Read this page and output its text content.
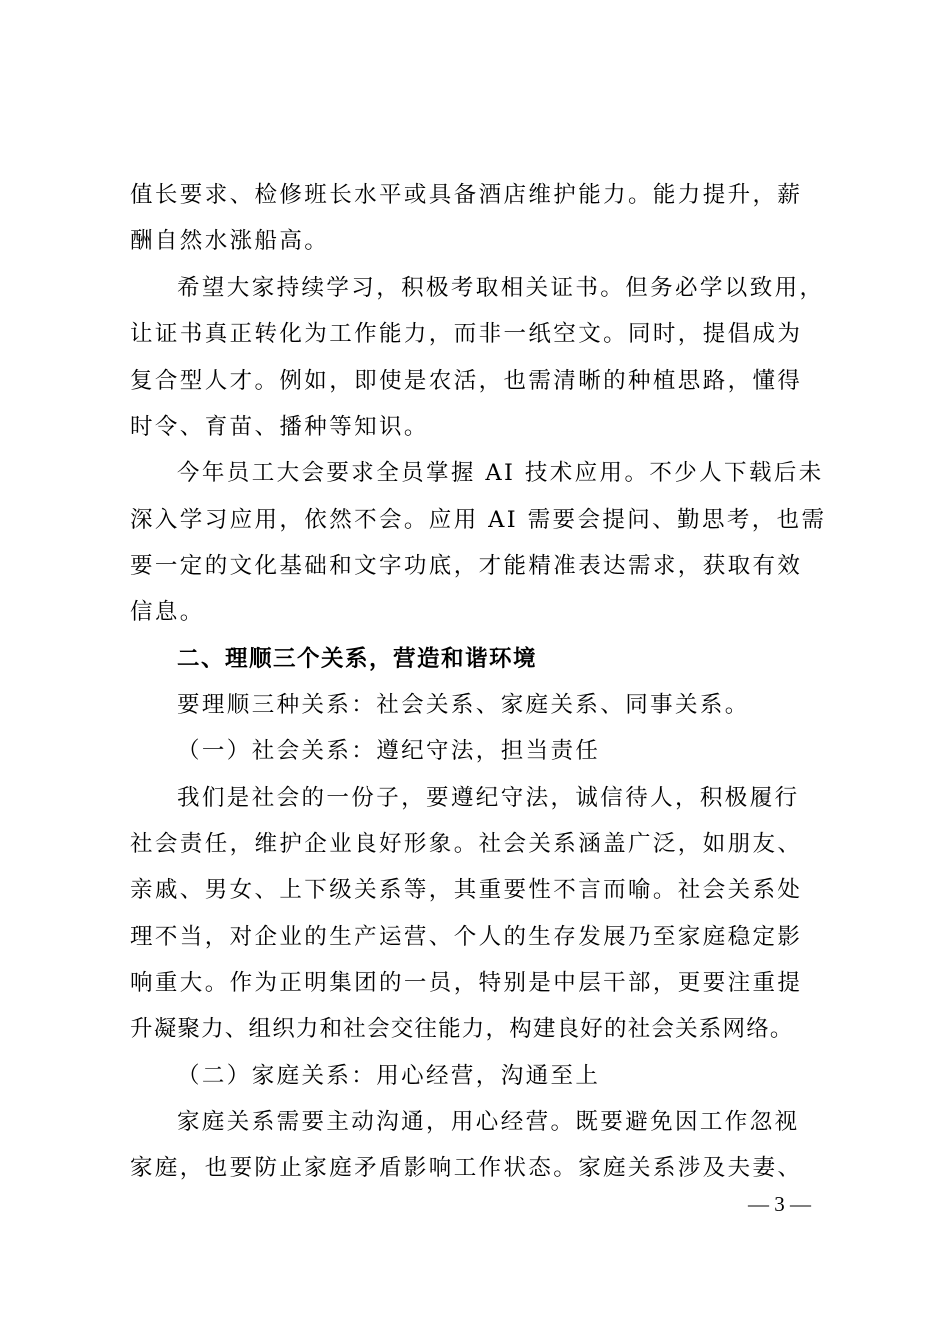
值长要求、检修班长水平或具备酒店维护能力。能力提升，薪
酬自然水涨船高。
希望大家持续学习，积极考取相关证书。但务必学以致用，
让证书真正转化为工作能力，而非一纸空文。同时，提倡成为
复合型人才。例如，即使是农活，也需清晰的种植思路，懂得
时令、育苗、播种等知识。
今年员工大会要求全员掌握 AI 技术应用。不少人下载后未
深入学习应用，依然不会。应用 AI 需要会提问、勤思考，也需
要一定的文化基础和文字功底，才能精准表达需求，获取有效
信息。
二、理顺三个关系，营造和谐环境
要理顺三种关系：社会关系、家庭关系、同事关系。
（一）社会关系：遵纪守法，担当责任
我们是社会的一份子，要遵纪守法，诚信待人，积极履行
社会责任，维护企业良好形象。社会关系涵盖广泛，如朋友、
亲戚、男女、上下级关系等，其重要性不言而喻。社会关系处
理不当，对企业的生产运营、个人的生存发展乃至家庭稳定影
响重大。作为正明集团的一员，特别是中层干部，更要注重提
升凝聚力、组织力和社会交往能力，构建良好的社会关系网络。
（二）家庭关系：用心经营，沟通至上
家庭关系需要主动沟通，用心经营。既要避免因工作忽视
家庭，也要防止家庭矛盾影响工作状态。家庭关系涉及夫妻、
— 3 —
